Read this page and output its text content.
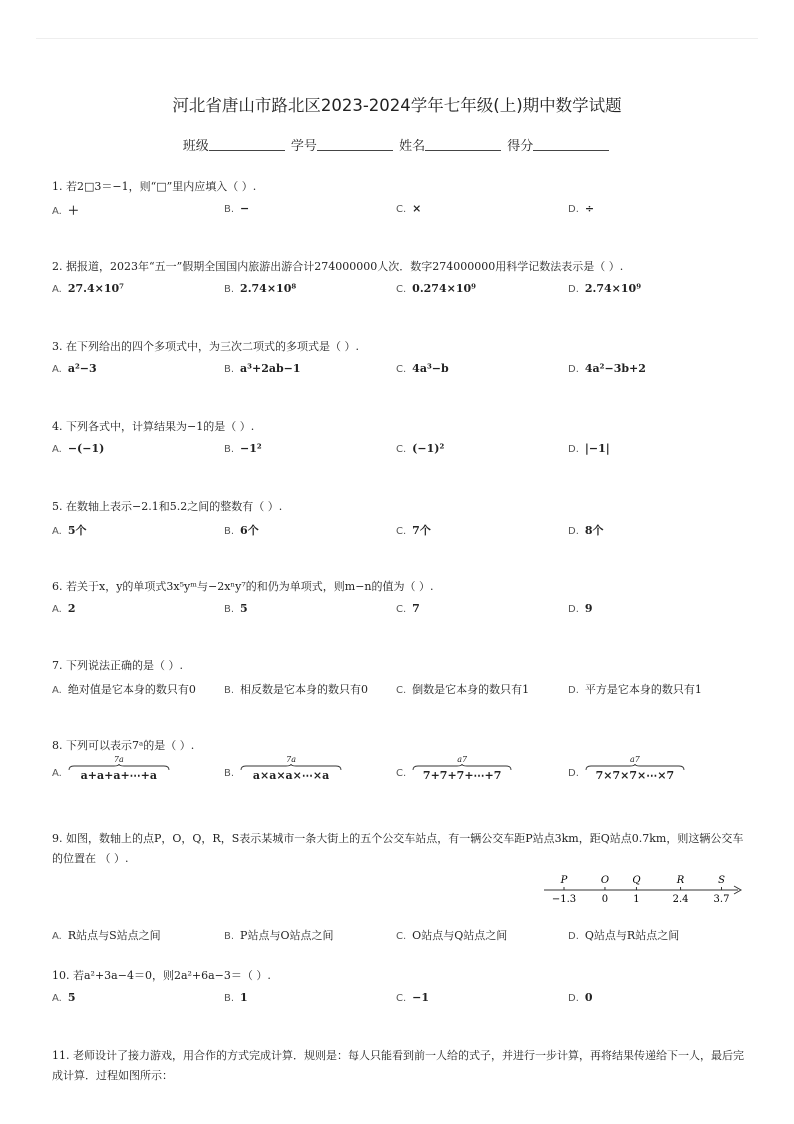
河北省唐山市路北区2023-2024学年七年级(上)期中数学试题
班级	学号	姓名	得分
1. 若2□3＝−1，则“□”里内应填入（ ）.
A. ＋	B. −	C. ×	D. ÷
2. 据报道，2023年“五一”假期全国国内旅游出游合计274000000人次．数字274000000用科学记数法表示是（ ）.
A. 27.4×10⁷	B. 2.74×10⁸	C. 0.274×10⁹	D. 2.74×10⁹
3. 在下列给出的四个多项式中，为三次二项式的多项式是（ ）.
A. a²−3	B. a³+2ab−1	C. 4a³−b	D. 4a²−3b+2
4. 下列各式中，计算结果为−1的是（ ）.
A. −(−1)	B. −1²	C. (−1)²	D. |−1|
5. 在数轴上表示−2.1和5.2之间的整数有（ ）.
A. 5个	B. 6个	C. 7个	D. 8个
6. 若关于x，y的单项式3x⁵yᵐ与−2xⁿy⁷的和仍为单项式，则m−n的值为（ ）.
A. 2	B. 5	C. 7	D. 9
7. 下列说法正确的是（ ）.
A. 绝对值是它本身的数只有0	B. 相反数是它本身的数只有0	C. 倒数是它本身的数只有1	D. 平方是它本身的数只有1
8. 下列可以表示7ᵃ的是（ ）.
A.
7a
a+a+a+⋯+a	B.
7a
a×a×a×⋯×a	C.
a7
7+7+7+⋯+7	D.
a7
7×7×7×⋯×7
9. 如图，数轴上的点P，O，Q，R，S表示某城市一条大街上的五个公交车站点，有一辆公交车距P站点3km，距Q站点0.7km，则这辆公交车的位置在 （ ）.
A. R站点与S站点之间	B. P站点与O站点之间	C. O站点与Q站点之间	D. Q站点与R站点之间
P
−1.3
O
0
Q
1
R
2.4
S
3.7
10. 若a²+3a−4＝0，则2a²+6a−3＝（ ）.
A. 5	B. 1	C. −1	D. 0
11. 老师设计了接力游戏，用合作的方式完成计算．规则是：每人只能看到前一人给的式子，并进行一步计算，再将结果传递给下一人，最后完成计算．过程如图所示：
